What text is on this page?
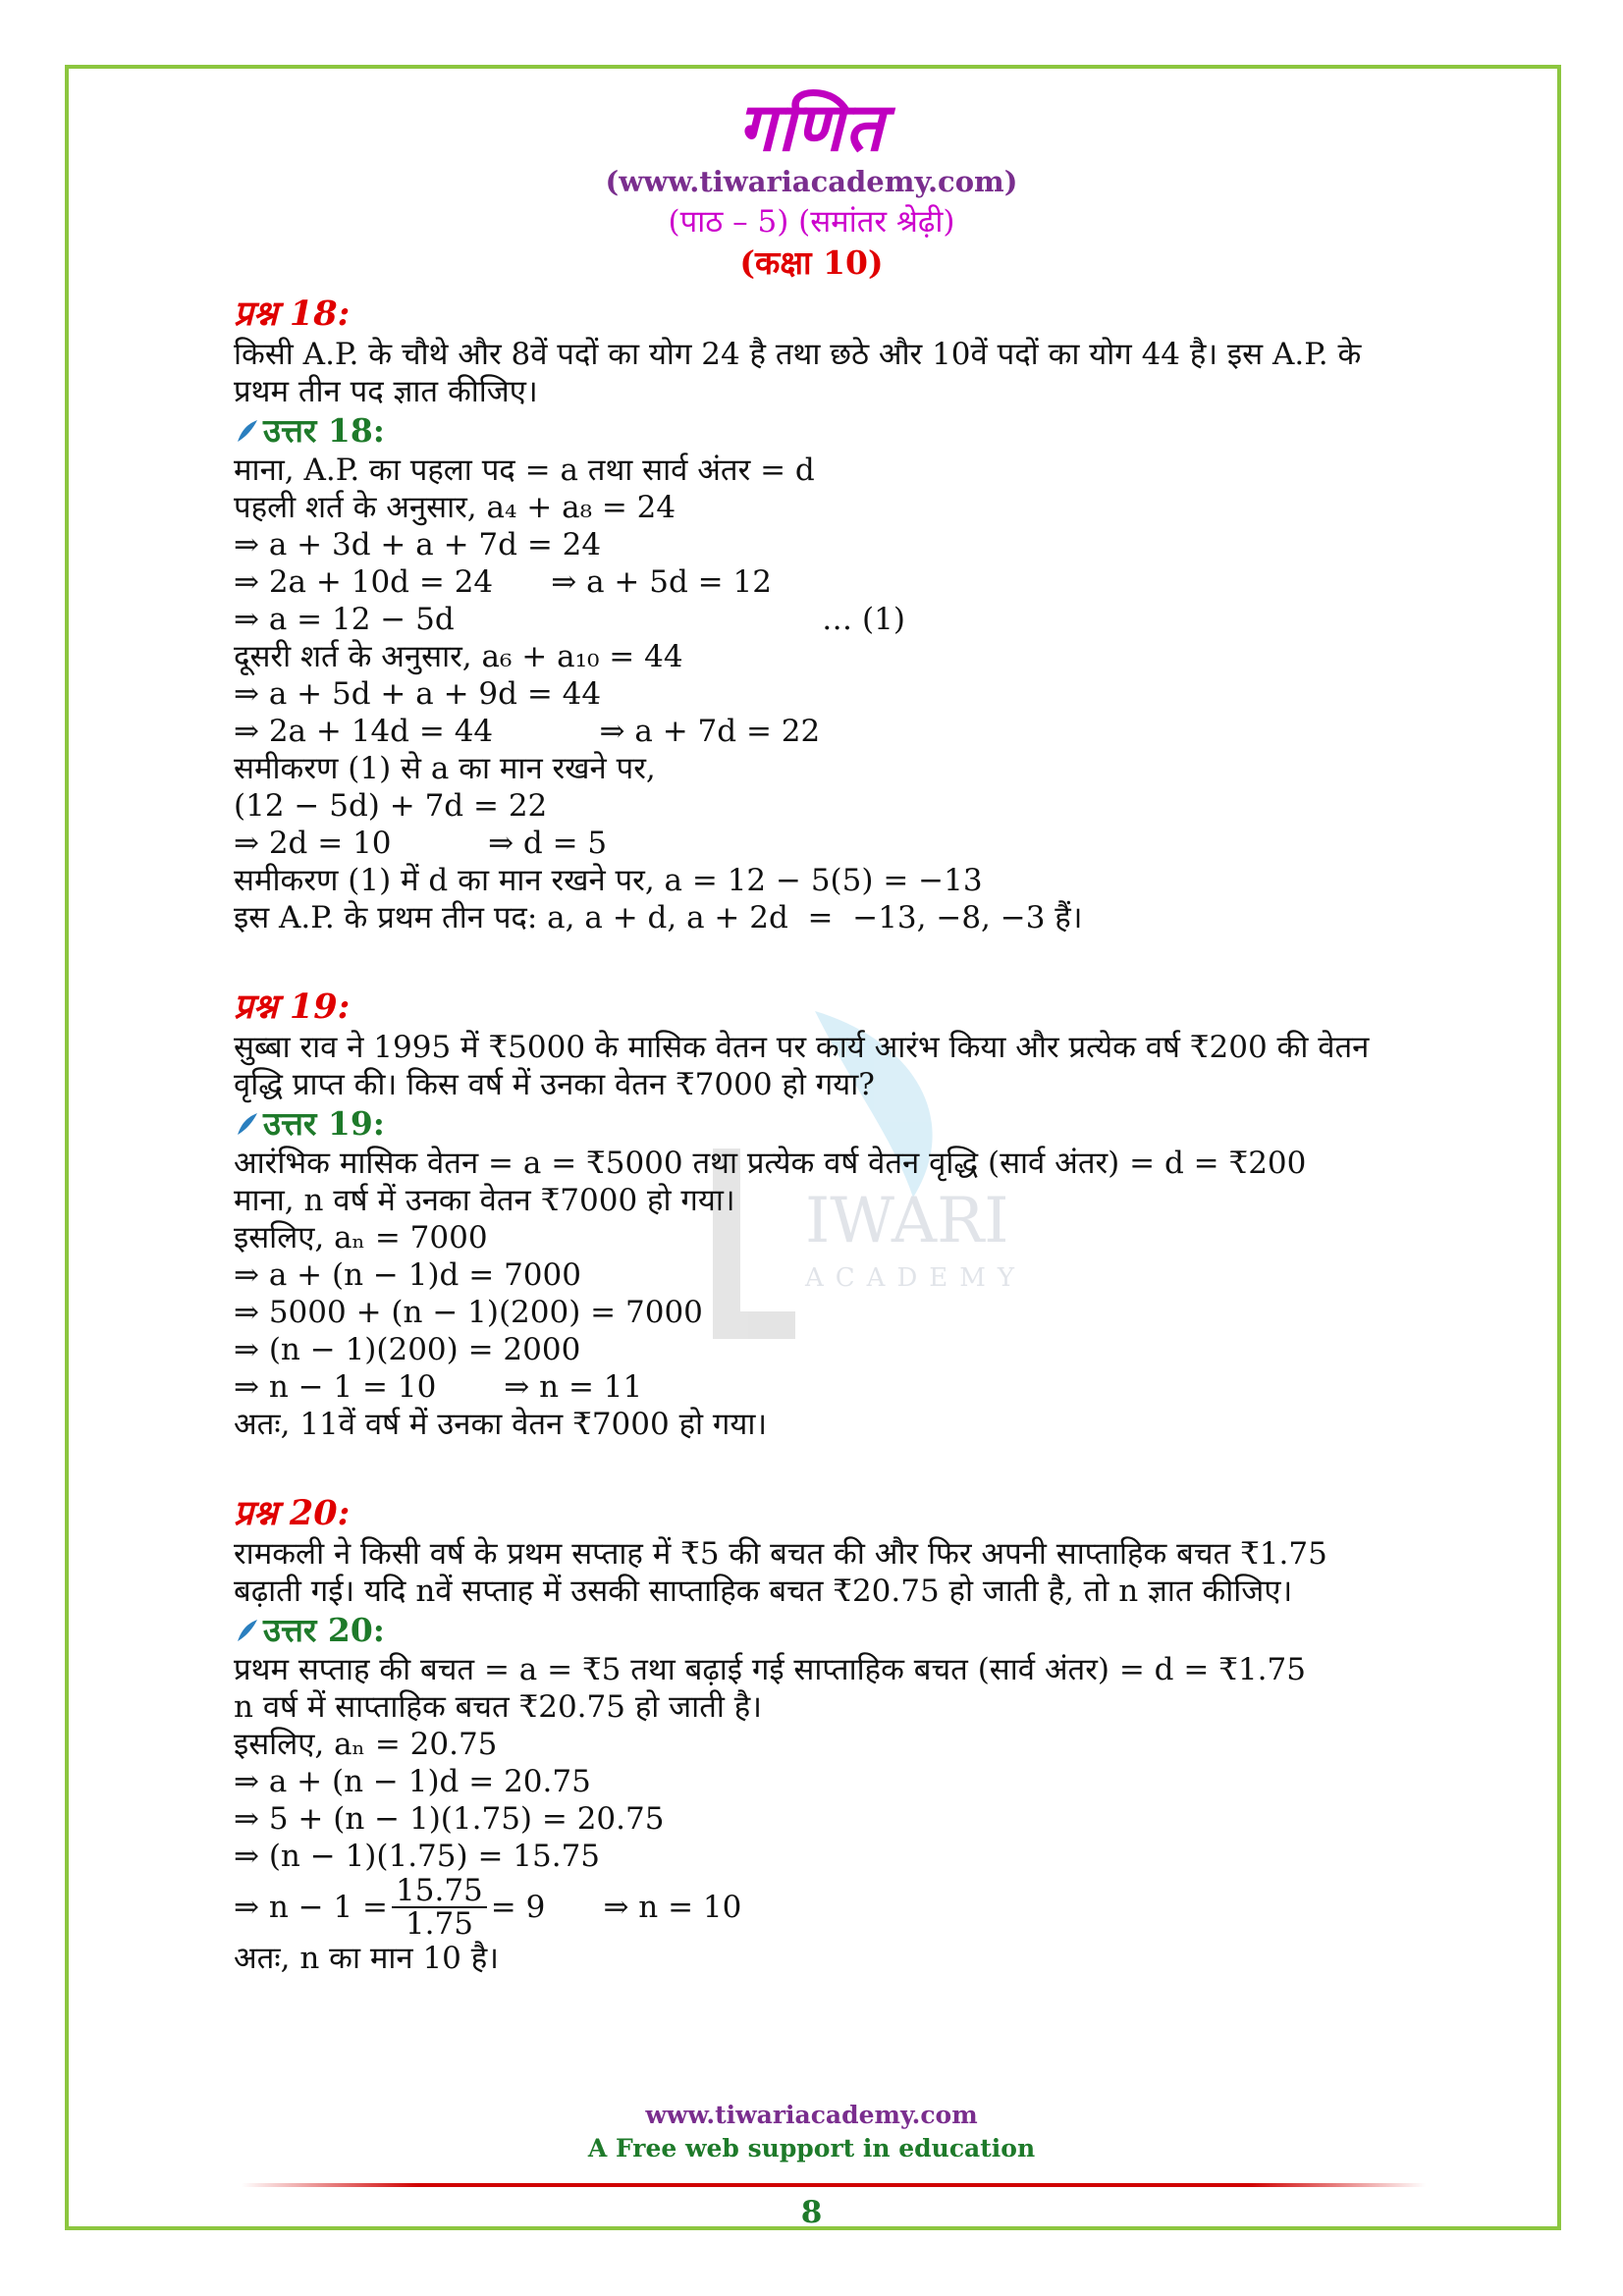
गणित
(www.tiwariacademy.com)
(पाठ – 5) (समांतर श्रेढ़ी)
(कक्षा 10)
IWARI
ACADEMY
प्रश्न 18:

किसी A.P. के चौथे और 8वें पदों का योग 24 है तथा छठे और 10वें पदों का योग 44 है। इस A.P. के प्रथम तीन पद ज्ञात कीजिए।

उत्तर 18:

माना, A.P. का पहला पद = a तथा सार्व अंतर = d

पहली शर्त के अनुसार, a₄ + a₈ = 24

⇒ a + 3d + a + 7d = 24

⇒ 2a + 10d = 24      ⇒ a + 5d = 12

⇒ a = 12 − 5d                                      … (1)

दूसरी शर्त के अनुसार, a₆ + a₁₀ = 44

⇒ a + 5d + a + 9d = 44

⇒ 2a + 14d = 44           ⇒ a + 7d = 22

समीकरण (1) से a का मान रखने पर,

(12 − 5d) + 7d = 22

⇒ 2d = 10          ⇒ d = 5

समीकरण (1) में d का मान रखने पर, a = 12 − 5(5) = −13

इस A.P. के प्रथम तीन पद: a, a + d, a + 2d  =  −13, −8, −3 हैं।

प्रश्न 19:

सुब्बा राव ने 1995 में ₹5000 के मासिक वेतन पर कार्य आरंभ किया और प्रत्येक वर्ष ₹200 की वेतन वृद्धि प्राप्त की। किस वर्ष में उनका वेतन ₹7000 हो गया?

उत्तर 19:

आरंभिक मासिक वेतन = a = ₹5000 तथा प्रत्येक वर्ष वेतन वृद्धि (सार्व अंतर) = d = ₹200

माना, n वर्ष में उनका वेतन ₹7000 हो गया।

इसलिए, aₙ = 7000

⇒ a + (n − 1)d = 7000

⇒ 5000 + (n − 1)(200) = 7000

⇒ (n − 1)(200) = 2000

⇒ n − 1 = 10       ⇒ n = 11

अतः, 11वें वर्ष में उनका वेतन ₹7000 हो गया।

प्रश्न 20:

रामकली ने किसी वर्ष के प्रथम सप्ताह में ₹5 की बचत की और फिर अपनी साप्ताहिक बचत ₹1.75 बढ़ाती गई। यदि nवें सप्ताह में उसकी साप्ताहिक बचत ₹20.75 हो जाती है, तो n ज्ञात कीजिए।

उत्तर 20:

प्रथम सप्ताह की बचत = a = ₹5 तथा बढ़ाई गई साप्ताहिक बचत (सार्व अंतर) = d = ₹1.75

n वर्ष में साप्ताहिक बचत ₹20.75 हो जाती है।

इसलिए, aₙ = 20.75

⇒ a + (n − 1)d = 20.75

⇒ 5 + (n − 1)(1.75) = 20.75

⇒ (n − 1)(1.75) = 15.75

⇒ $n - 1 = \frac{15.75}{1.75} = 9$      ⇒ n = 10

अतः, n का मान 10 है।

www.tiwariacademy.com
A Free web support in education
8
